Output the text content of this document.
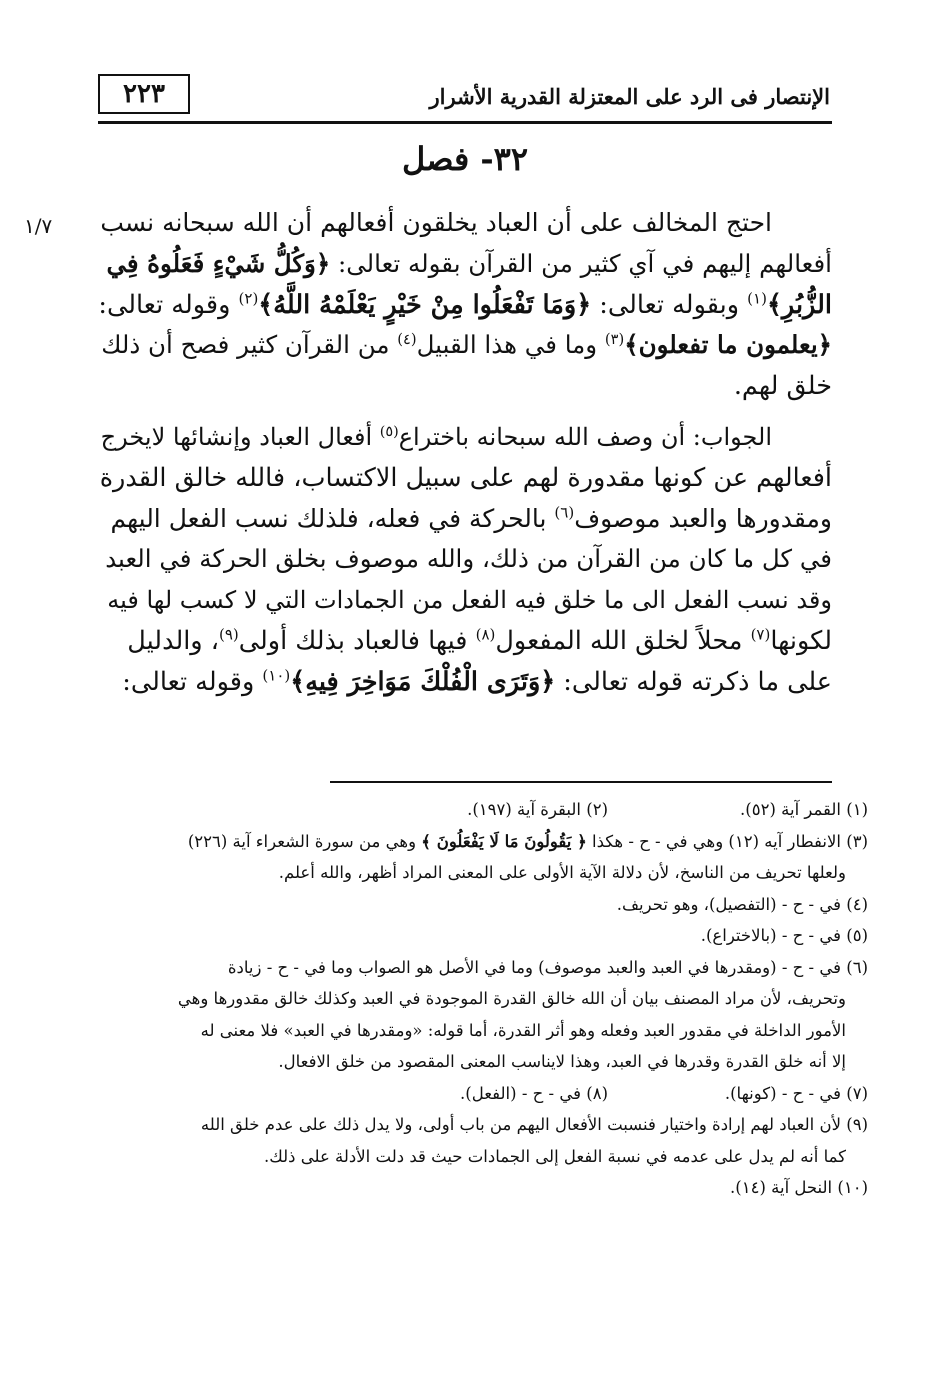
الإنتصار فى الرد على المعتزلة القدرية الأشرار
٢٢٣
٣٢- فصل
١/٧ احتج المخالف على أن العباد يخلقون أفعالهم أن الله سبحانه نسب
أفعالهم إليهم في آي كثير من القرآن بقوله تعالى: ﴿وَكُلُّ شَيْءٍ فَعَلُوهُ فِي
الزُّبُرِ﴾$^{(١)}$ وبقوله تعالى: ﴿وَمَا تَفْعَلُوا مِنْ خَيْرٍ يَعْلَمْهُ اللَّهُ﴾$^{(٢)}$ وقوله تعالى:
﴿يعلمون ما تفعلون﴾$^{(٣)}$ وما في هذا القبيل$^{(٤)}$ من القرآن كثير فصح أن ذلك
خلق لهم.
الجواب: أن وصف الله سبحانه باختراع$^{(٥)}$ أفعال العباد وإنشائها لايخرج
أفعالهم عن كونها مقدورة لهم على سبيل الاكتساب، فالله خالق القدرة
ومقدورها والعبد موصوف$^{(٦)}$ بالحركة في فعله، فلذلك نسب الفعل اليهم
في كل ما كان من القرآن من ذلك، والله موصوف بخلق الحركة في العبد
وقد نسب الفعل الى ما خلق فيه الفعل من الجمادات التي لا كسب لها فيه
لكونها$^{(٧)}$ محلاً لخلق الله المفعول$^{(٨)}$ فيها فالعباد بذلك أولى$^{(٩)}$، والدليل
على ما ذكرته قوله تعالى: ﴿وَتَرَى الْفُلْكَ مَوَاخِرَ فِيهِ﴾$^{(١٠)}$ وقوله تعالى:
(١) القمر آية (٥٢).
(٢) البقرة آية (١٩٧).
(٣) الانفطار آيه (١٢) وهي في - ح - هكذا ﴿ يَقُولُونَ مَا لَا يَفْعَلُونَ ﴾ وهي من سورة الشعراء آية (٢٢٦)
ولعلها تحريف من الناسخ، لأن دلالة الآية الأولى على المعنى المراد أظهر، والله أعلم.
(٤) في - ح - (التفصيل)، وهو تحريف.
(٥) في - ح - (بالاختراع).
(٦) في - ح - (ومقدرها في العبد والعبد موصوف) وما في الأصل هو الصواب وما في - ح - زيادة
وتحريف، لأن مراد المصنف بيان أن الله خالق القدرة الموجودة في العبد وكذلك خالق مقدورها وهي
الأمور الداخلة في مقدور العبد وفعله وهو أثر القدرة، أما قوله: «ومقدرها في العبد» فلا معنى له
إلا أنه خلق القدرة وقدرها في العبد، وهذا لايناسب المعنى المقصود من خلق الافعال.
(٧) في - ح - (كونها).
(٨) في - ح - (الفعل).
(٩) لأن العباد لهم إرادة واختيار فنسبت الأفعال اليهم من باب أولى، ولا يدل ذلك على عدم خلق الله
كما أنه لم يدل على عدمه في نسبة الفعل إلى الجمادات حيث قد دلت الأدلة على ذلك.
(١٠) النحل آية (١٤).
